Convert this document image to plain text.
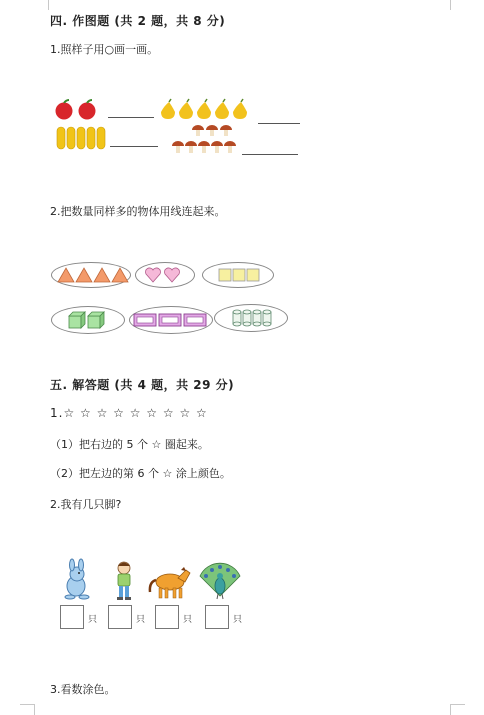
四. 作图题 (共 2 题，共 8 分)
1.照样子用○画一画。
2.把数量同样多的物体用线连起来。
五. 解答题 (共 4 题，共 29 分)
1.☆ ☆ ☆ ☆ ☆ ☆ ☆ ☆ ☆
（1）把右边的 5 个 ☆ 圈起来。
（2）把左边的第 6 个 ☆ 涂上颜色。
2.我有几只脚?
只	只	只	只
3.看数涂色。
